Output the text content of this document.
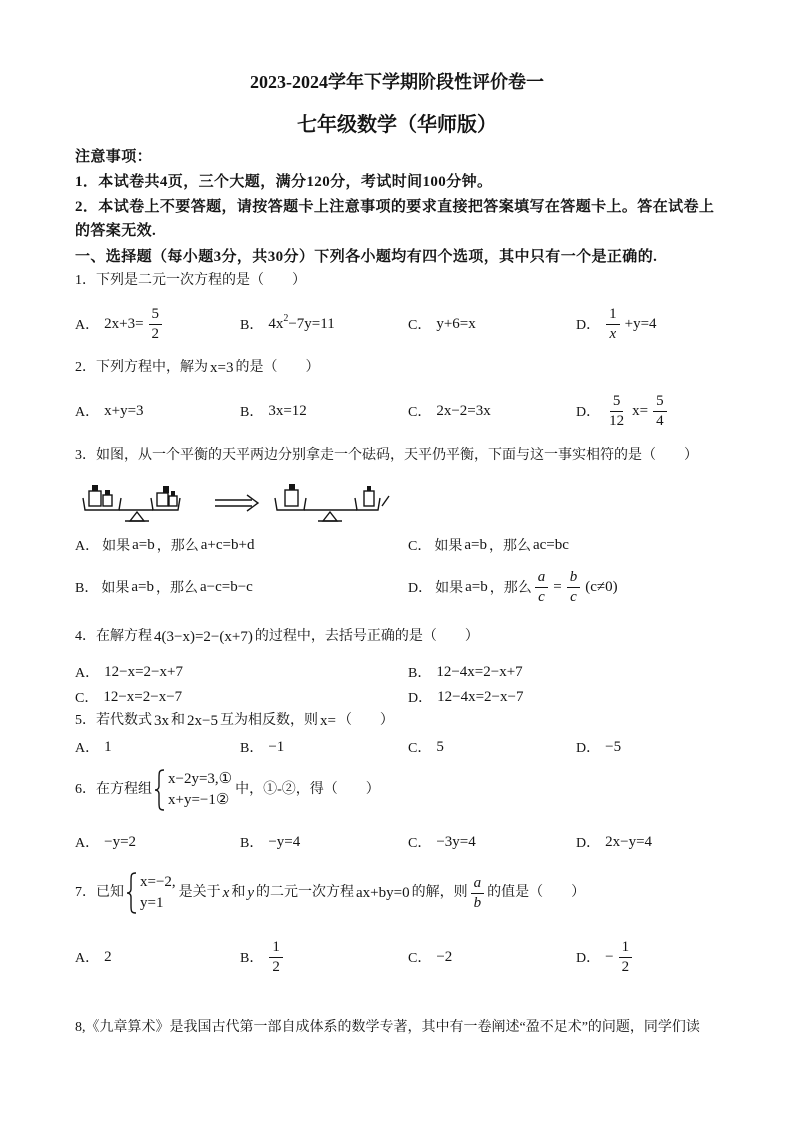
2023-2024学年下学期阶段性评价卷一
七年级数学（华师版）
注意事项：
1．本试卷共4页，三个大题，满分120分，考试时间100分钟。
2．本试卷上不要答题，请按答题卡上注意事项的要求直接把答案填写在答题卡上。答在试卷上的答案无效.
一、选择题（每小题3分，共30分）下列各小题均有四个选项，其中只有一个是正确的.
1．下列是二元一次方程的是（　　）
A． $2x+3= \frac{5}{2}$	B． $4x^2-7y=11$	C． y+6=x	D． $\frac{1}{x} +y=4$
2．下列方程中，解为 x=3 的是（　　）
A． x+y=3	B． 3x=12	C． 2x−2=3x	D． $\frac{5}{12} x= \frac{5}{4}$
3．如图，从一个平衡的天平两边分别拿走一个砝码，天平仍平衡，下面与这一事实相符的是（　　）
A． 如果 a=b ，那么 a+c=b+d	C． 如果 a=b ，那么 ac=bc
B． 如果 a=b ，那么 a−c=b−c	D． 如果 a=b ，那么 $\frac{a}{c} = \frac{b}{c} (c\ne 0)$
4．在解方程 4(3−x)=2−(x+7) 的过程中，去括号正确的是（　　）
A． 12−x=2−x+7	B． 12−4x=2−x+7
C． 12−x=2−x−7	D． 12−4x=2−x−7
5．若代数式 3x 和 2x−5 互为相反数，则 x= （　　）
A． 1	B． −1	C． 5	D． −5
6．在方程组
x−2y=3,①
x+y=−1②
中，①-②，得（　　）
A． −y=2	B． −y=4	C． −3y=4	D． 2x−y=4
7．已知
x=−2,
y=1
是关于 x 和 y 的二元一次方程 ax+by=0 的解，则 $\frac{a}{b}$ 的值是（　　）
A． 2	B． $\frac{1}{2}$	C． −2	D． − $\frac{1}{2}$
8,《九章算术》是我国古代第一部自成体系的数学专著，其中有一卷阐述“盈不足术”的问题，同学们读
